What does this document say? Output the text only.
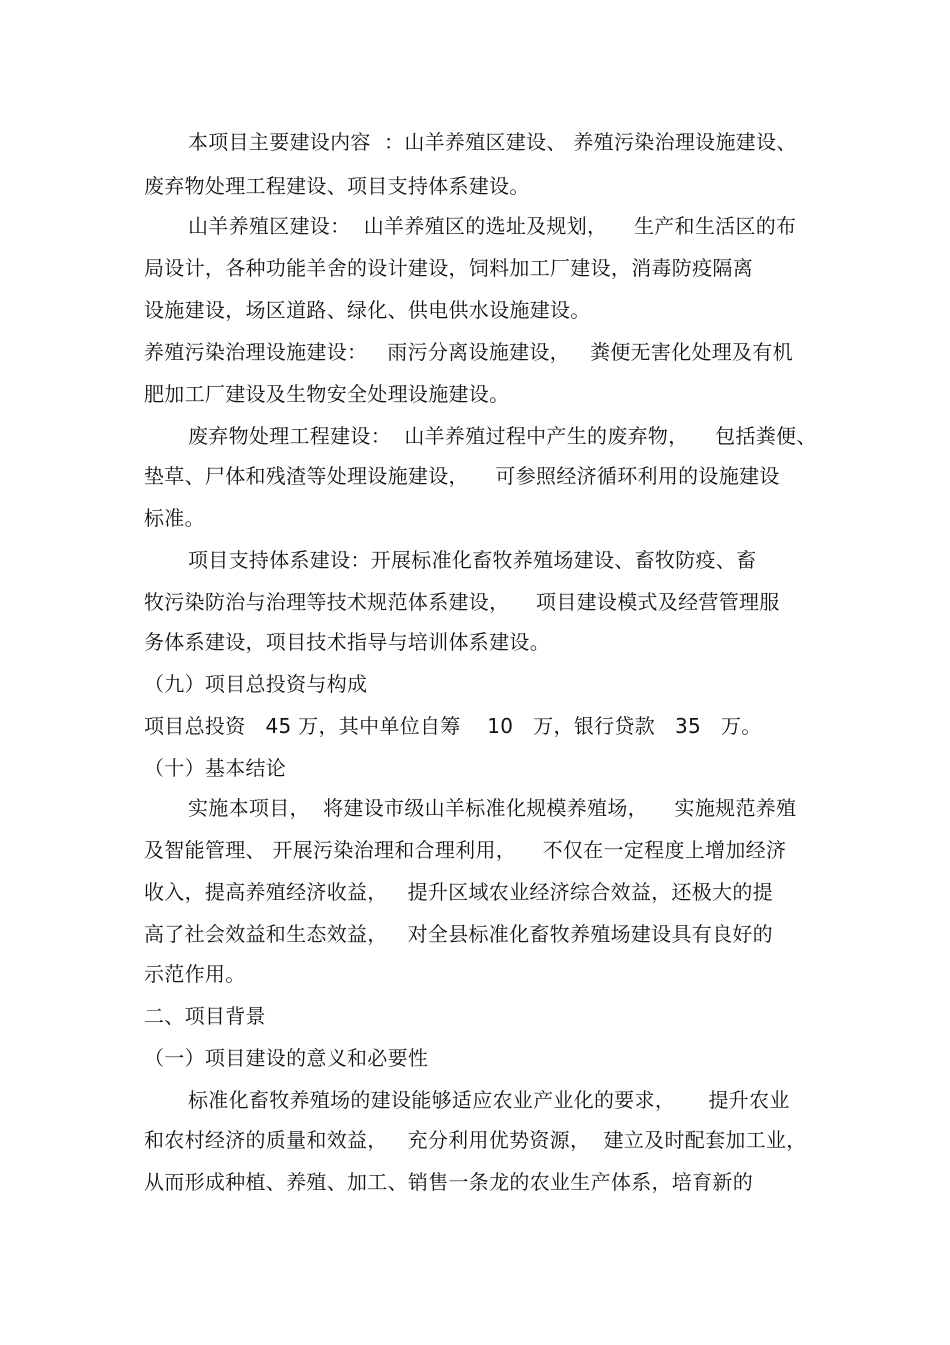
本项目主要建设内容  ：山羊养殖区建设、 养殖污染治理设施建设、
废弃物处理工程建设、项目支持体系建设。
山羊养殖区建设：  山羊养殖区的选址及规划，    生产和生活区的布
局设计，各种功能羊舍的设计建设，饲料加工厂建设，消毒防疫隔离
设施建设，场区道路、绿化、供电供水设施建设。
养殖污染治理设施建设：   雨污分离设施建设，   粪便无害化处理及有机
肥加工厂建设及生物安全处理设施建设。
废弃物处理工程建设：  山羊养殖过程中产生的废弃物，    包括粪便、
垫草、尸体和残渣等处理设施建设，    可参照经济循环利用的设施建设
标准。
项目支持体系建设：开展标准化畜牧养殖场建设、畜牧防疫、畜
牧污染防治与治理等技术规范体系建设，    项目建设模式及经营管理服
务体系建设，项目技术指导与培训体系建设。
（九）项目总投资与构成
项目总投资   45 万，其中单位自筹    10   万，银行贷款   35   万。
（十）基本结论
实施本项目，  将建设市级山羊标准化规模养殖场，    实施规范养殖
及智能管理、 开展污染治理和合理利用，    不仅在一定程度上增加经济
收入，提高养殖经济收益，   提升区域农业经济综合效益，还极大的提
高了社会效益和生态效益，   对全县标准化畜牧养殖场建设具有良好的
示范作用。
二、项目背景
（一）项目建设的意义和必要性
标准化畜牧养殖场的建设能够适应农业产业化的要求，     提升农业
和农村经济的质量和效益，   充分利用优势资源，  建立及时配套加工业，
从而形成种植、养殖、加工、销售一条龙的农业生产体系，培育新的
